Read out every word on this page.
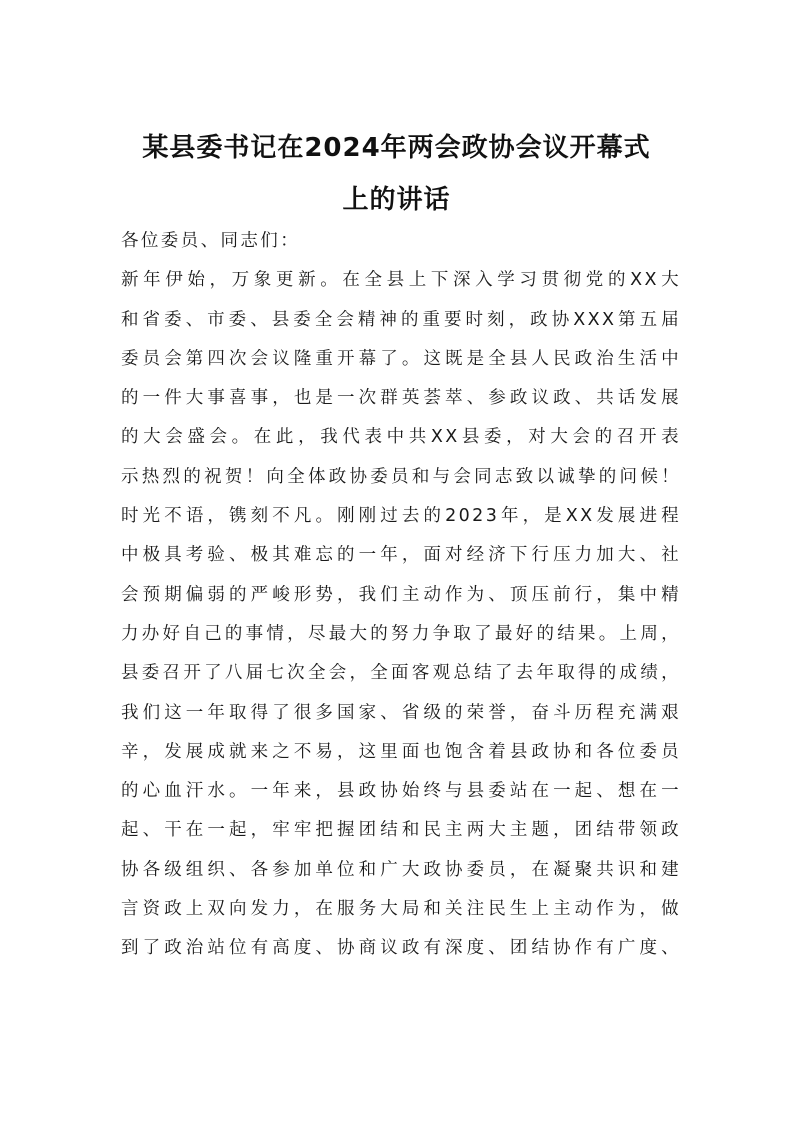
某县委书记在2024年两会政协会议开幕式
上的讲话
各位委员、同志们：
新年伊始，万象更新。在全县上下深入学习贯彻党的XX大
和省委、市委、县委全会精神的重要时刻，政协XXX第五届
委员会第四次会议隆重开幕了。这既是全县人民政治生活中
的一件大事喜事，也是一次群英荟萃、参政议政、共话发展
的大会盛会。在此，我代表中共XX县委，对大会的召开表
示热烈的祝贺！向全体政协委员和与会同志致以诚挚的问候！
时光不语，镌刻不凡。刚刚过去的2023年，是XX发展进程
中极具考验、极其难忘的一年，面对经济下行压力加大、社
会预期偏弱的严峻形势，我们主动作为、顶压前行，集中精
力办好自己的事情，尽最大的努力争取了最好的结果。上周，
县委召开了八届七次全会，全面客观总结了去年取得的成绩，
我们这一年取得了很多国家、省级的荣誉，奋斗历程充满艰
辛，发展成就来之不易，这里面也饱含着县政协和各位委员
的心血汗水。一年来，县政协始终与县委站在一起、想在一
起、干在一起，牢牢把握团结和民主两大主题，团结带领政
协各级组织、各参加单位和广大政协委员，在凝聚共识和建
言资政上双向发力，在服务大局和关注民生上主动作为，做
到了政治站位有高度、协商议政有深度、团结协作有广度、
